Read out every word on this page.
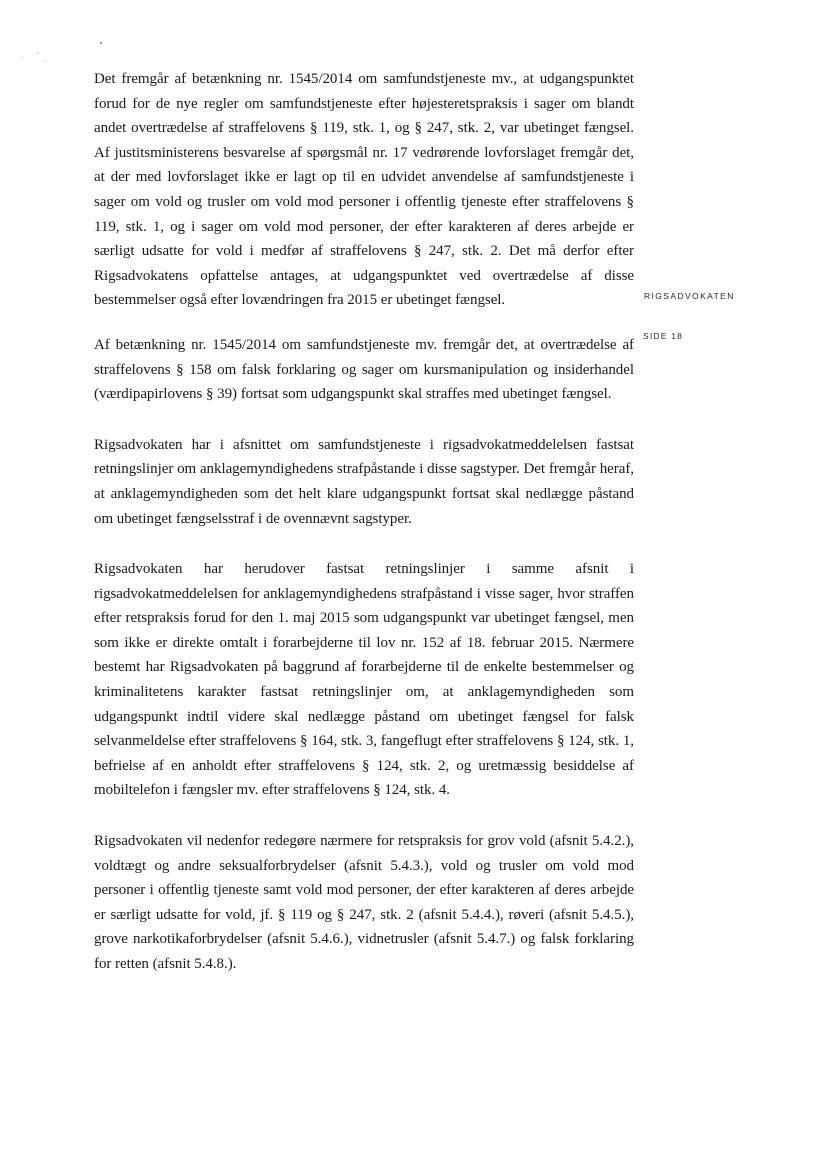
Det fremgår af betænkning nr. 1545/2014 om samfundstjeneste mv., at udgangspunktet forud for de nye regler om samfundstjeneste efter højesteretspraksis i sager om blandt andet overtrædelse af straffelovens § 119, stk. 1, og § 247, stk. 2, var ubetinget fængsel. Af justitsministerens besvarelse af spørgsmål nr. 17 vedrørende lovforslaget fremgår det, at der med lovforslaget ikke er lagt op til en udvidet anvendelse af samfundstjeneste i sager om vold og trusler om vold mod personer i offentlig tjeneste efter straffelovens § 119, stk. 1, og i sager om vold mod personer, der efter karakteren af deres arbejde er særligt udsatte for vold i medfør af straffelovens § 247, stk. 2. Det må derfor efter Rigsadvokatens opfattelse antages, at udgangspunktet ved overtrædelse af disse bestemmelser også efter lovændringen fra 2015 er ubetinget fængsel.

Af betænkning nr. 1545/2014 om samfundstjeneste mv. fremgår det, at overtrædelse af straffelovens § 158 om falsk forklaring og sager om kursmanipulation og insiderhandel (værdipapirlovens § 39) fortsat som udgangspunkt skal straffes med ubetinget fængsel.

Rigsadvokaten har i afsnittet om samfundstjeneste i rigsadvokatmeddelelsen fastsat retningslinjer om anklagemyndighedens strafpåstande i disse sagstyper. Det fremgår heraf, at anklagemyndigheden som det helt klare udgangspunkt fortsat skal nedlægge påstand om ubetinget fængselsstraf i de ovennævnt sagstyper.

Rigsadvokaten har herudover fastsat retningslinjer i samme afsnit i rigsadvokatmeddelelsen for anklagemyndighedens strafpåstand i visse sager, hvor straffen efter retspraksis forud for den 1. maj 2015 som udgangspunkt var ubetinget fængsel, men som ikke er direkte omtalt i forarbejderne til lov nr. 152 af 18. februar 2015. Nærmere bestemt har Rigsadvokaten på baggrund af forarbejderne til de enkelte bestemmelser og kriminalitetens karakter fastsat retningslinjer om, at anklagemyndigheden som udgangspunkt indtil videre skal nedlægge påstand om ubetinget fængsel for falsk selvanmeldelse efter straffelovens § 164, stk. 3, fangeflugt efter straffelovens § 124, stk. 1, befrielse af en anholdt efter straffelovens § 124, stk. 2, og uretmæssig besiddelse af mobiltelefon i fængsler mv. efter straffelovens § 124, stk. 4.

Rigsadvokaten vil nedenfor redegøre nærmere for retspraksis for grov vold (afsnit 5.4.2.), voldtægt og andre seksualforbrydelser (afsnit 5.4.3.), vold og trusler om vold mod personer i offentlig tjeneste samt vold mod personer, der efter karakteren af deres arbejde er særligt udsatte for vold, jf. § 119 og § 247, stk. 2 (afsnit 5.4.4.), røveri (afsnit 5.4.5.), grove narkotikaforbrydelser (afsnit 5.4.6.), vidnetrusler (afsnit 5.4.7.) og falsk forklaring for retten (afsnit 5.4.8.).

RIGSADVOKATEN
SIDE 18
